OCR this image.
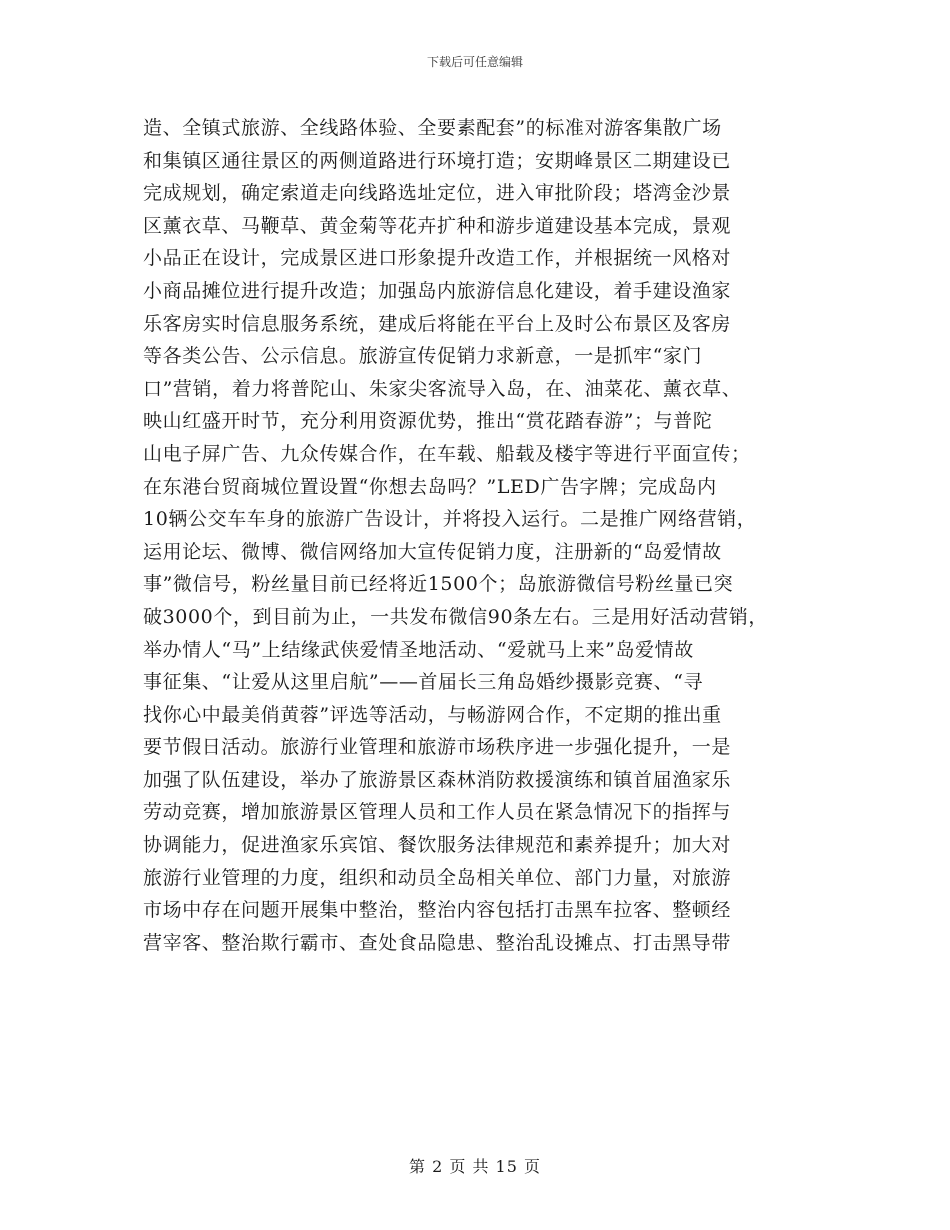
下载后可任意编辑
造、全镇式旅游、全线路体验、全要素配套”的标准对游客集散广场
和集镇区通往景区的两侧道路进行环境打造；安期峰景区二期建设已
完成规划，确定索道走向线路选址定位，进入审批阶段；塔湾金沙景
区薰衣草、马鞭草、黄金菊等花卉扩种和游步道建设基本完成，景观
小品正在设计，完成景区进口形象提升改造工作，并根据统一风格对
小商品摊位进行提升改造；加强岛内旅游信息化建设，着手建设渔家
乐客房实时信息服务系统，建成后将能在平台上及时公布景区及客房
等各类公告、公示信息。旅游宣传促销力求新意，一是抓牢“家门
口”营销，着力将普陀山、朱家尖客流导入岛，在、油菜花、薰衣草、
映山红盛开时节，充分利用资源优势，推出“赏花踏春游”；与普陀
山电子屏广告、九众传媒合作，在车载、船载及楼宇等进行平面宣传；
在东港台贸商城位置设置“你想去岛吗？”LED广告字牌；完成岛内
10辆公交车车身的旅游广告设计，并将投入运行。二是推广网络营销，
运用论坛、微博、微信网络加大宣传促销力度，注册新的“岛爱情故
事”微信号，粉丝量目前已经将近1500个；岛旅游微信号粉丝量已突
破3000个，到目前为止，一共发布微信90条左右。三是用好活动营销，
举办情人“马”上结缘武侠爱情圣地活动、“爱就马上来”岛爱情故
事征集、“让爱从这里启航”——首届长三角岛婚纱摄影竞赛、“寻
找你心中最美俏黄蓉”评选等活动，与畅游网合作，不定期的推出重
要节假日活动。旅游行业管理和旅游市场秩序进一步强化提升，一是
加强了队伍建设，举办了旅游景区森林消防救援演练和镇首届渔家乐
劳动竞赛，增加旅游景区管理人员和工作人员在紧急情况下的指挥与
协调能力，促进渔家乐宾馆、餐饮服务法律规范和素养提升；加大对
旅游行业管理的力度，组织和动员全岛相关单位、部门力量，对旅游
市场中存在问题开展集中整治，整治内容包括打击黑车拉客、整顿经
营宰客、整治欺行霸市、查处食品隐患、整治乱设摊点、打击黑导带
第 2 页 共 15 页
